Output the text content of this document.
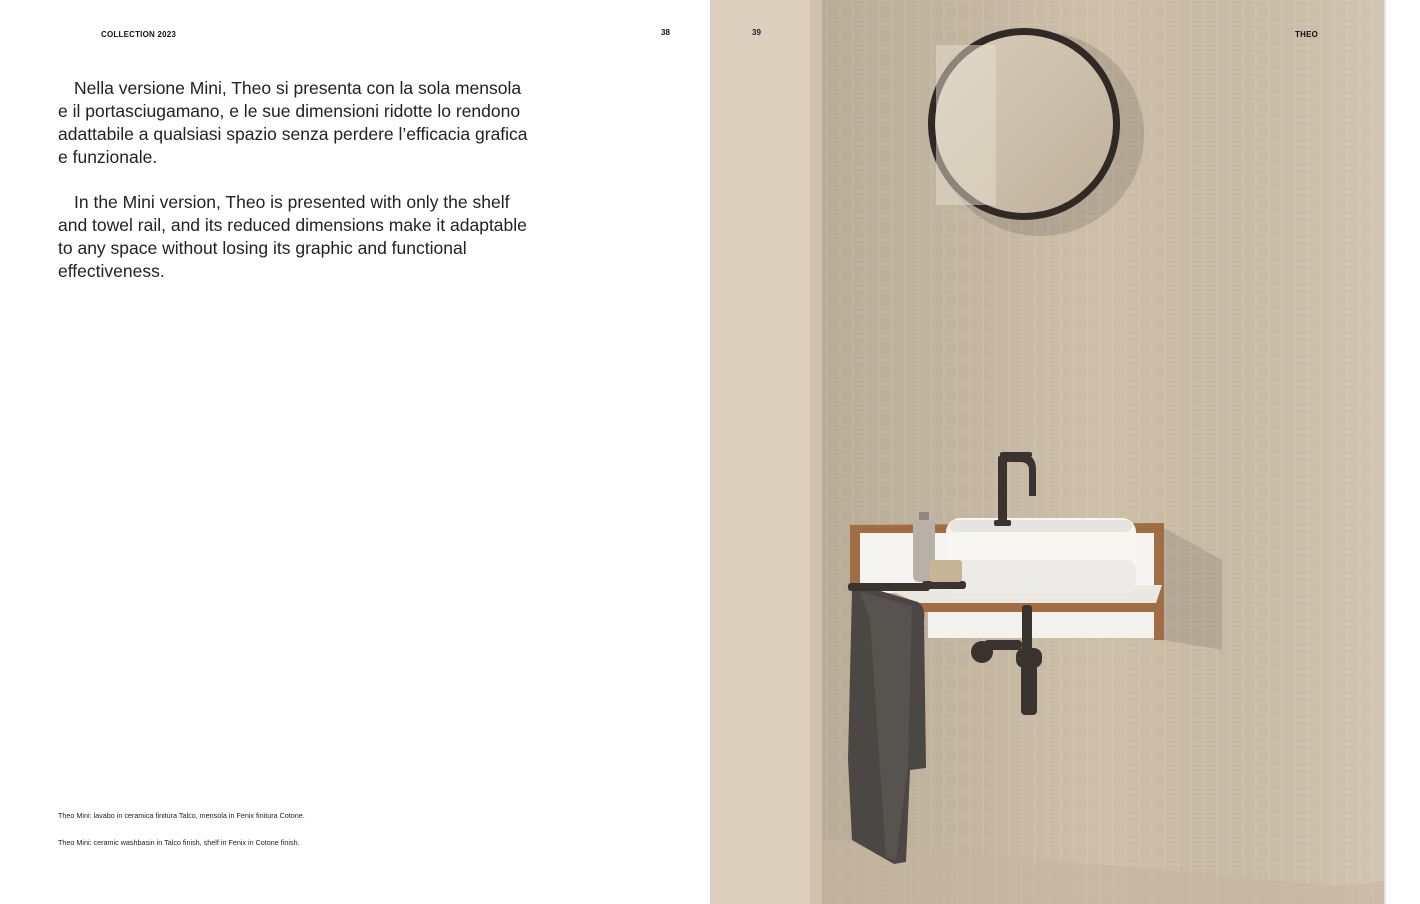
COLLECTION 2023	38

Nella versione Mini, Theo si presenta con la sola mensola e il portasciugamano, e le sue dimensioni ridotte lo rendono adattabile a qualsiasi spazio senza perdere l’efficacia grafica e funzionale.

In the Mini version, Theo is presented with only the shelf and towel rail, and its reduced dimensions make it adaptable to any space without losing its graphic and functional effectiveness.

Theo Mini: lavabo in ceramica finitura Talco, mensola in Fenix finitura Cotone.
Theo Mini: ceramic washbasin in Talco finish, shelf in Fenix in Cotone finish.
39	THEO
